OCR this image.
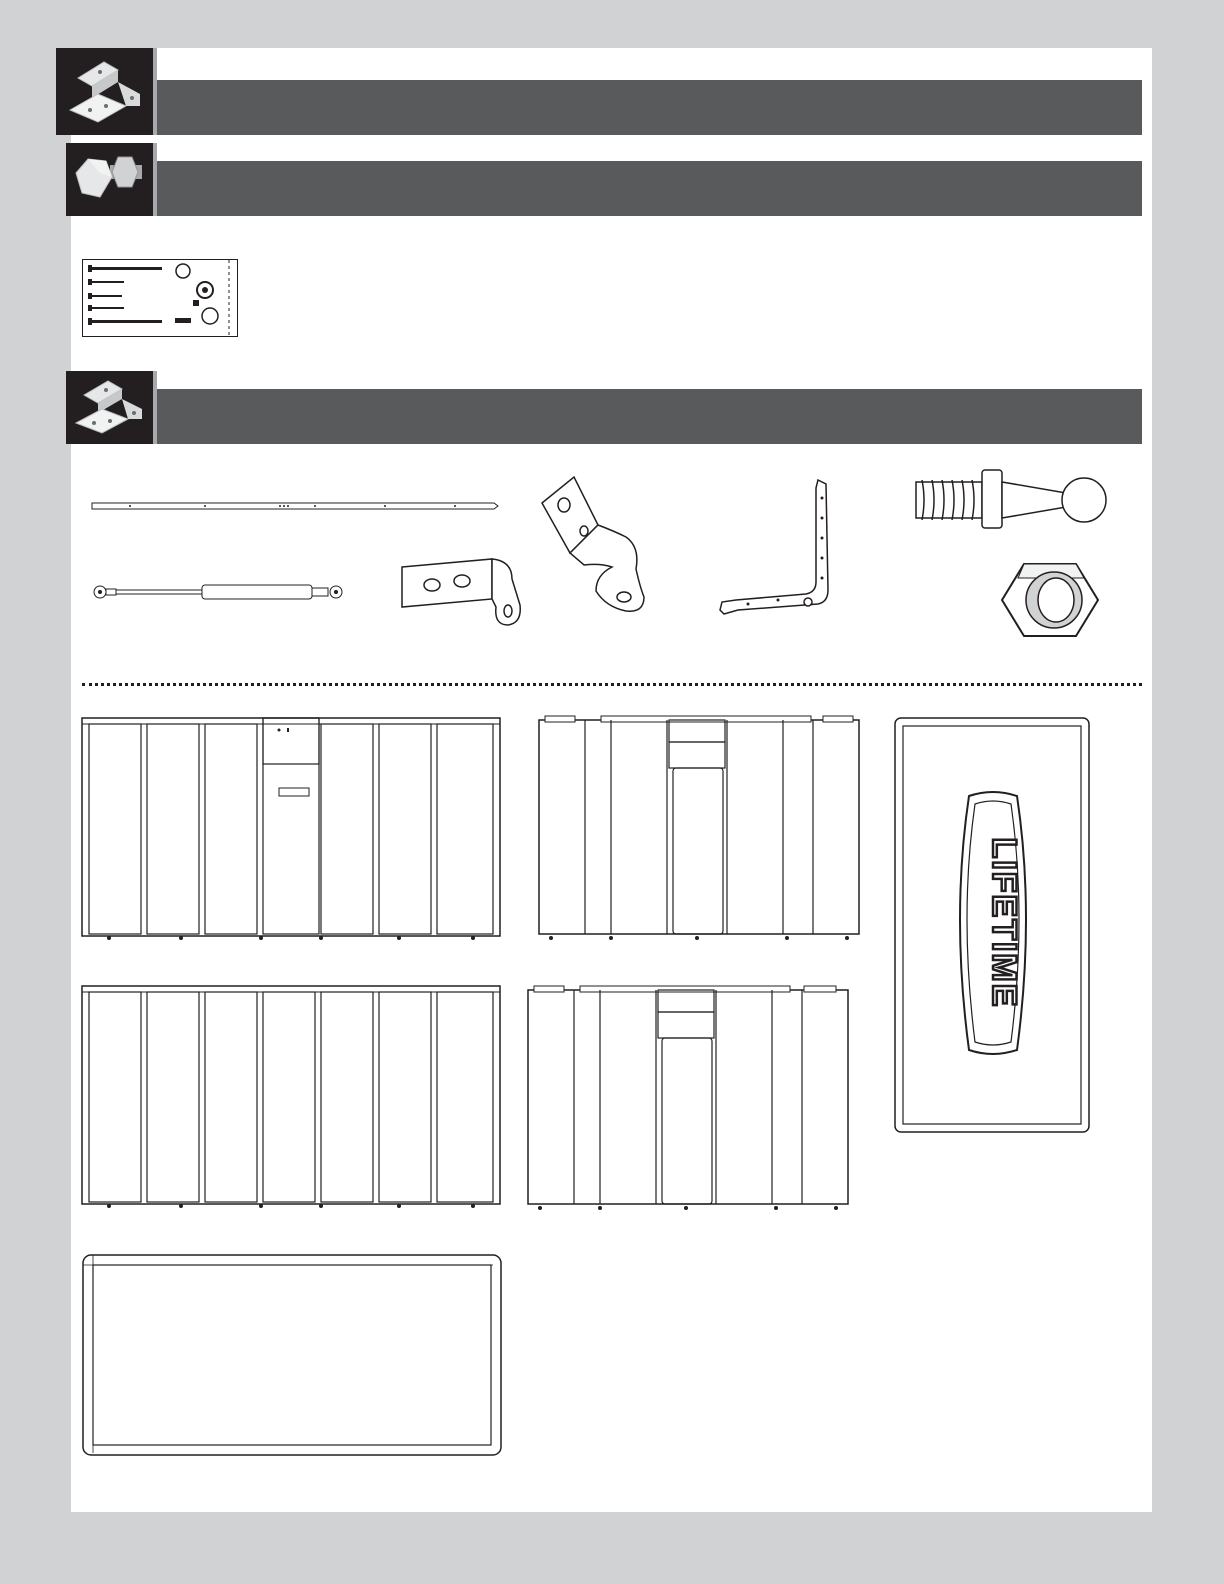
LIFETIME
